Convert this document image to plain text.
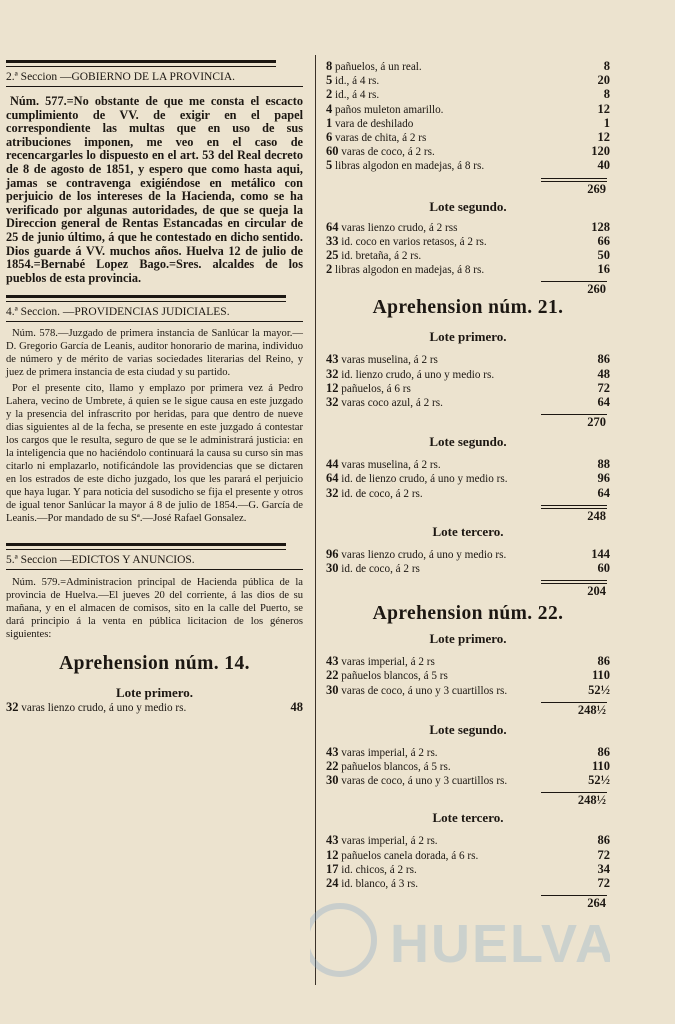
2.ª Seccion —GOBIERNO DE LA PROVINCIA.

Núm. 577.=No obstante de que me consta el escacto cumplimiento de VV. de exigir en el papel correspondiente las multas que en uso de sus atribuciones imponen, me veo en el caso de recencargarles lo dispuesto en el art. 53 del Real decreto de 8 de agosto de 1851, y espero que como hasta aqui, jamas se contravenga exigiéndose en metálico con perjuicio de los intereses de la Hacienda, como se ha verificado por algunas autoridades, de que se queja la Direccion general de Rentas Estancadas en circular de 25 de junio último, á que he contestado en dicho sentido. Dios guarde á VV. muchos años. Huelva 12 de julio de 1854.=Bernabé Lopez Bago.=Sres. alcaldes de los pueblos de esta provincia.

4.ª Seccion. —PROVIDENCIAS JUDICIALES.

Núm. 578.—Juzgado de primera instancia de Sanlúcar la mayor.—D. Gregorio García de Leanis, auditor honorario de marina, individuo de número y de mérito de varias sociedades literarias del Reino, y juez de primera instancia de esta ciudad y su partido.

Por el presente cito, llamo y emplazo por primera vez á Pedro Lahera, vecino de Umbrete, á quien se le sigue causa en este juzgado y la presencia del infrascrito por heridas, para que dentro de nueve dias siguientes al de la fecha, se presente en este juzgado á contestar los cargos que le resulta, seguro de que se le administrará justicia: en la inteligencia que no haciéndolo continuará la causa su curso sin mas citarlo ni emplazarlo, notificándole las providencias que se dictaren en los estrados de este dicho juzgado, los que les parará el perjuicio que haya lugar. Y para noticia del susodicho se fija el presente y otros de igual tenor Sanlúcar la mayor á 8 de julio de 1854.—G. García de Leanis.—Por mandado de su Sª.—José Rafael Gonsalez.

5.ª Seccion —EDICTOS Y ANUNCIOS.

Núm. 579.=Administracion principal de Hacienda pública de la provincia de Huelva.—El jueves 20 del corriente, á las dios de su mañana, y en el almacen de comisos, sito en la calle del Puerto, se dará principio á la venta en pública licitacion de los géneros siguientes:

Aprehension núm. 14.
Lote primero.
32 varas lienzo crudo, á uno y medio rs.	48
8 pañuelos, á un real.	8
5 id., á 4 rs.	20
2 id., á 4 rs.	8
4 paños muleton amarillo.	12
1 vara de deshilado	1
6 varas de chita, á 2 rs	12
60 varas de coco, á 2 rs.	120
5 libras algodon en madejas, á 8 rs.	40
269
Lote segundo.
64 varas lienzo crudo, á 2 rss	128
33 id. coco en varios retasos, á 2 rs.	66
25 id. bretaña, á 2 rs.	50
2 libras algodon en madejas, á 8 rs.	16
260
Aprehension núm. 21.
Lote primero.
43 varas muselina, á 2 rs	86
32 id. lienzo crudo, á uno y medio rs.	48
12 pañuelos, á 6 rs	72
32 varas coco azul, á 2 rs.	64
270
Lote segundo.
44 varas muselina, á 2 rs.	88
64 id. de lienzo crudo, á uno y medio rs.	96
32 id. de coco, á 2 rs.	64
248
Lote tercero.
96 varas lienzo crudo, á uno y medio rs.	144
30 id. de coco, á 2 rs	60
204
Aprehension núm. 22.
Lote primero.
43 varas imperial, á 2 rs	86
22 pañuelos blancos, á 5 rs	110
30 varas de coco, á uno y 3 cuartillos rs.	52½
248½
Lote segundo.
43 varas imperial, á 2 rs.	86
22 pañuelos blancos, á 5 rs.	110
30 varas de coco, á uno y 3 cuartillos rs.	52½
248½
Lote tercero.
43 varas imperial, á 2 rs.	86
12 pañuelos canela dorada, á 6 rs.	72
17 id. chicos, á 2 rs.	34
24 id. blanco, á 3 rs.	72
264
HUELVA
